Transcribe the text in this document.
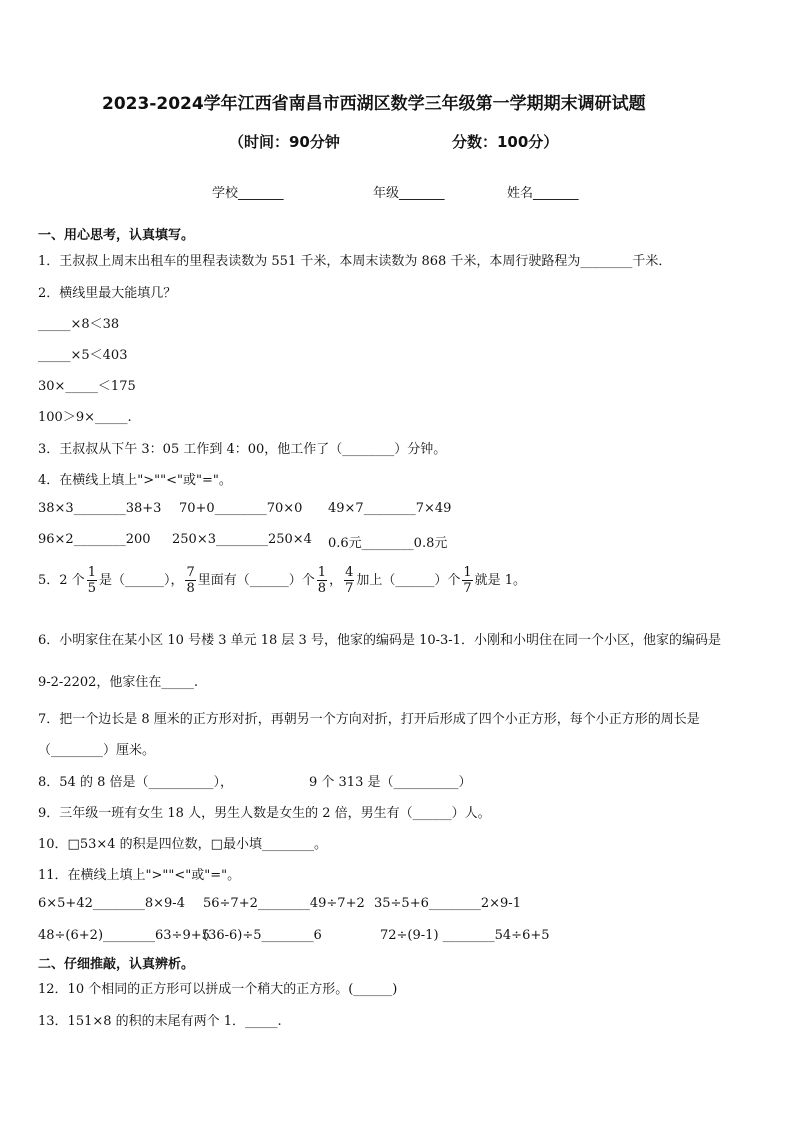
2023-2024学年江西省南昌市西湖区数学三年级第一学期期末调研试题
（时间：90分钟	分数：100分）
学校_______	年级_______	姓名_______
一、用心思考，认真填写。
1．王叔叔上周末出租车的里程表读数为 551 千米，本周末读数为 868 千米，本周行驶路程为________千米．
2．横线里最大能填几？
_____×8＜38
_____×5＜403
30×_____＜175
100＞9×_____.
3．王叔叔从下午 3：05 工作到 4：00，他工作了（________）分钟。
4．在横线上填上">""<"或"="。
38×3________38+3 70+0________70×0 49×7________7×49
96×2________200 250×3________250×4 0.6元________0.8元
5．2 个 $\frac{1}{5}$ 是（______）， $\frac{7}{8}$ 里面有（______）个 $\frac{1}{8}$ ， $\frac{4}{7}$ 加上（______）个 $\frac{1}{7}$ 就是 1。
6．小明家住在某小区 10 号楼 3 单元 18 层 3 号，他家的编码是 10-3-1．小刚和小明住在同一个小区，他家的编码是
9-2-2202，他家住在_____.
7．把一个边长是 8 厘米的正方形对折，再朝另一个方向对折，打开后形成了四个小正方形，每个小正方形的周长是
（________）厘米。
8．54 的 8 倍是（__________），	9 个 313 是（__________）
9．三年级一班有女生 18 人，男生人数是女生的 2 倍，男生有（______）人。
10．□53×4 的积是四位数，□最小填________。
11．在横线上填上">""<"或"="。
6×5+42________8×9-4 56÷7+2________49÷7+2 35÷5+6________2×9-1
48÷(6+2)________63÷9+5
(36-6)÷5________6	72÷(9-1) ________54÷6+5
二、仔细推敲，认真辨析。
12．10 个相同的正方形可以拼成一个稍大的正方形。(______)
13．151×8 的积的末尾有两个 1．_____.
